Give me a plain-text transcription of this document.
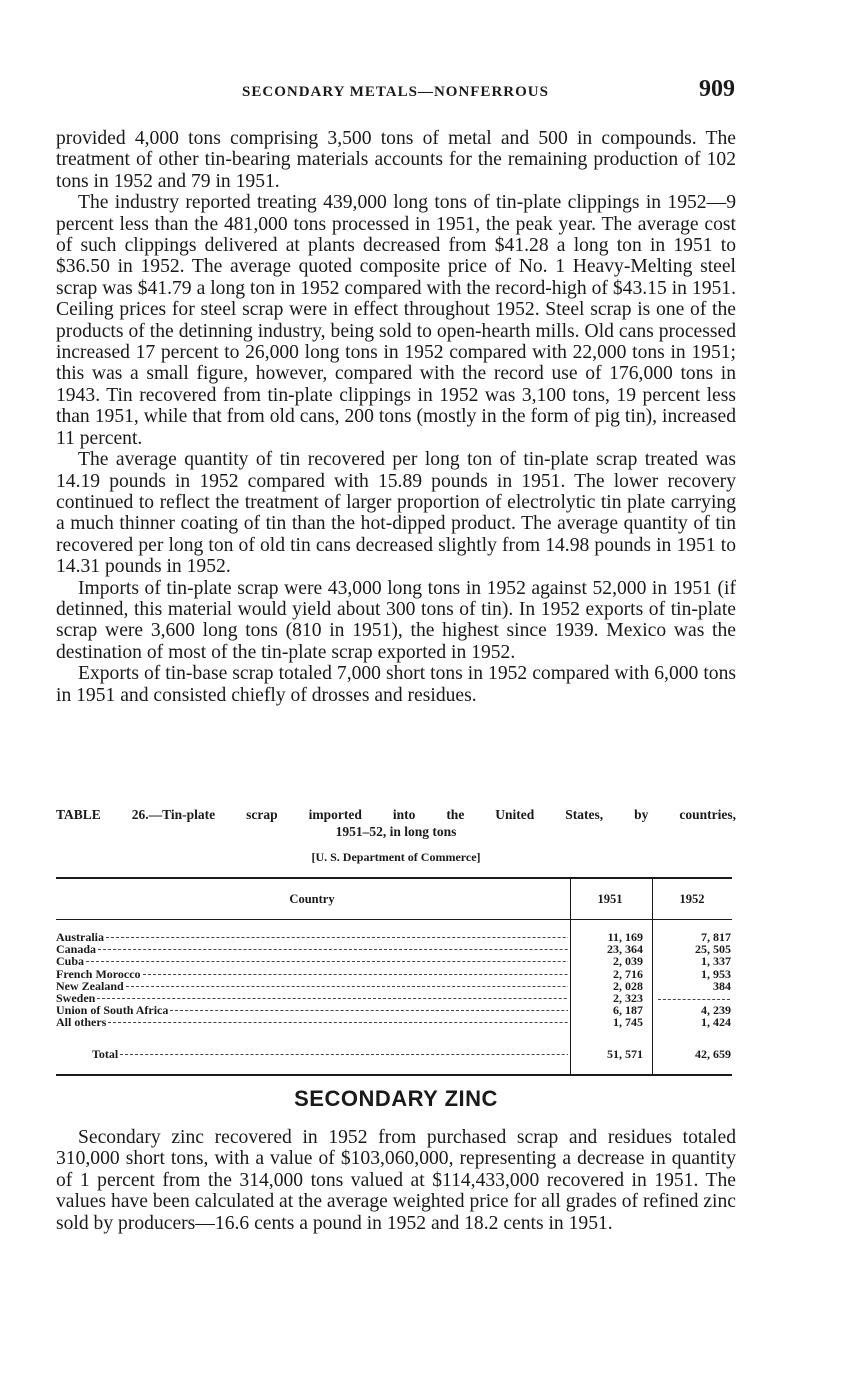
SECONDARY METALS—NONFERROUS	909

provided 4,000 tons comprising 3,500 tons of metal and 500 in compounds. The treatment of other tin-bearing materials accounts for the remaining production of 102 tons in 1952 and 79 in 1951.

The industry reported treating 439,000 long tons of tin-plate clippings in 1952—9 percent less than the 481,000 tons processed in 1951, the peak year. The average cost of such clippings delivered at plants decreased from $41.28 a long ton in 1951 to $36.50 in 1952. The average quoted composite price of No. 1 Heavy-Melting steel scrap was $41.79 a long ton in 1952 compared with the record-high of $43.15 in 1951. Ceiling prices for steel scrap were in effect throughout 1952. Steel scrap is one of the products of the detinning industry, being sold to open-hearth mills. Old cans processed increased 17 percent to 26,000 long tons in 1952 compared with 22,000 tons in 1951; this was a small figure, however, compared with the record use of 176,000 tons in 1943. Tin recovered from tin-plate clippings in 1952 was 3,100 tons, 19 percent less than 1951, while that from old cans, 200 tons (mostly in the form of pig tin), increased 11 percent.

The average quantity of tin recovered per long ton of tin-plate scrap treated was 14.19 pounds in 1952 compared with 15.89 pounds in 1951. The lower recovery continued to reflect the treatment of larger proportion of electrolytic tin plate carrying a much thinner coating of tin than the hot-dipped product. The average quantity of tin recovered per long ton of old tin cans decreased slightly from 14.98 pounds in 1951 to 14.31 pounds in 1952.

Imports of tin-plate scrap were 43,000 long tons in 1952 against 52,000 in 1951 (if detinned, this material would yield about 300 tons of tin). In 1952 exports of tin-plate scrap were 3,600 long tons (810 in 1951), the highest since 1939. Mexico was the destination of most of the tin-plate scrap exported in 1952.

Exports of tin-base scrap totaled 7,000 short tons in 1952 compared with 6,000 tons in 1951 and consisted chiefly of drosses and residues.

TABLE 26.—Tin-plate scrap imported into the United States, by countries,
1951–52, in long tons
[U. S. Department of Commerce]
Country	1951	1952
Australia	11, 169	7, 817
Canada	23, 364	25, 505
Cuba	2, 039	1, 337
French Morocco	2, 716	1, 953
New Zealand	2, 028	384
Sweden	2, 323
Union of South Africa	6, 187	4, 239
All others	1, 745	1, 424
Total	51, 571	42, 659
SECONDARY ZINC

Secondary zinc recovered in 1952 from purchased scrap and residues totaled 310,000 short tons, with a value of $103,060,000, representing a decrease in quantity of 1 percent from the 314,000 tons valued at $114,433,000 recovered in 1951. The values have been calculated at the average weighted price for all grades of refined zinc sold by producers—16.6 cents a pound in 1952 and 18.2 cents in 1951.
